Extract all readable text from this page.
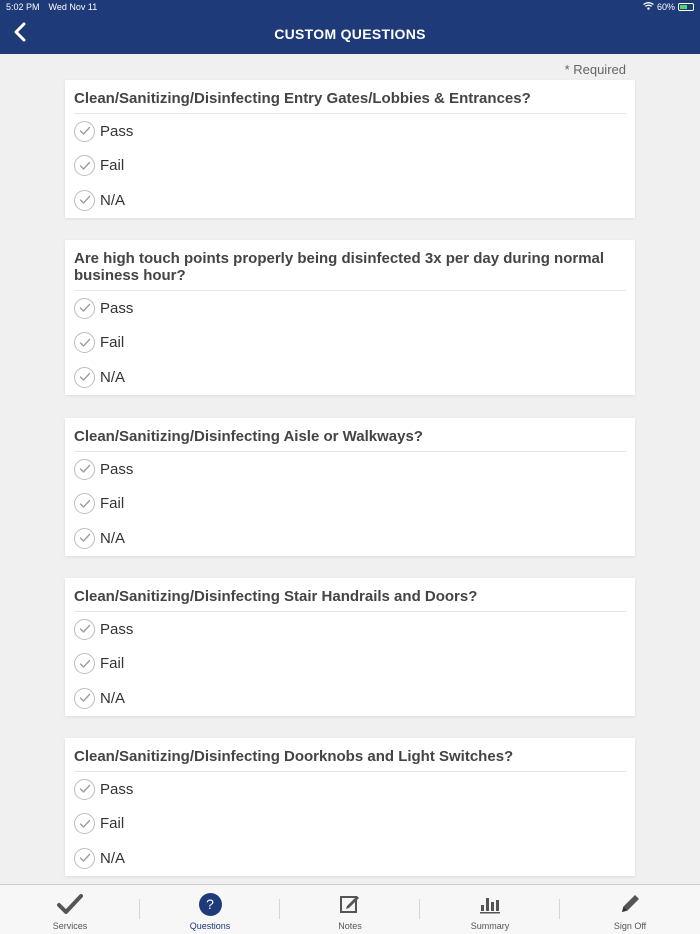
5:02 PM Wed Nov 11	60%
CUSTOM QUESTIONS
* Required
Clean/Sanitizing/Disinfecting Entry Gates/Lobbies & Entrances?
Pass
Fail
N/A
Are high touch points properly being disinfected 3x per day during normal business hour?
Pass
Fail
N/A
Clean/Sanitizing/Disinfecting Aisle or Walkways?
Pass
Fail
N/A
Clean/Sanitizing/Disinfecting Stair Handrails and Doors?
Pass
Fail
N/A
Clean/Sanitizing/Disinfecting Doorknobs and Light Switches?
Pass
Fail
N/A
Services
?
Questions	Notes	Summary	Sign Off
